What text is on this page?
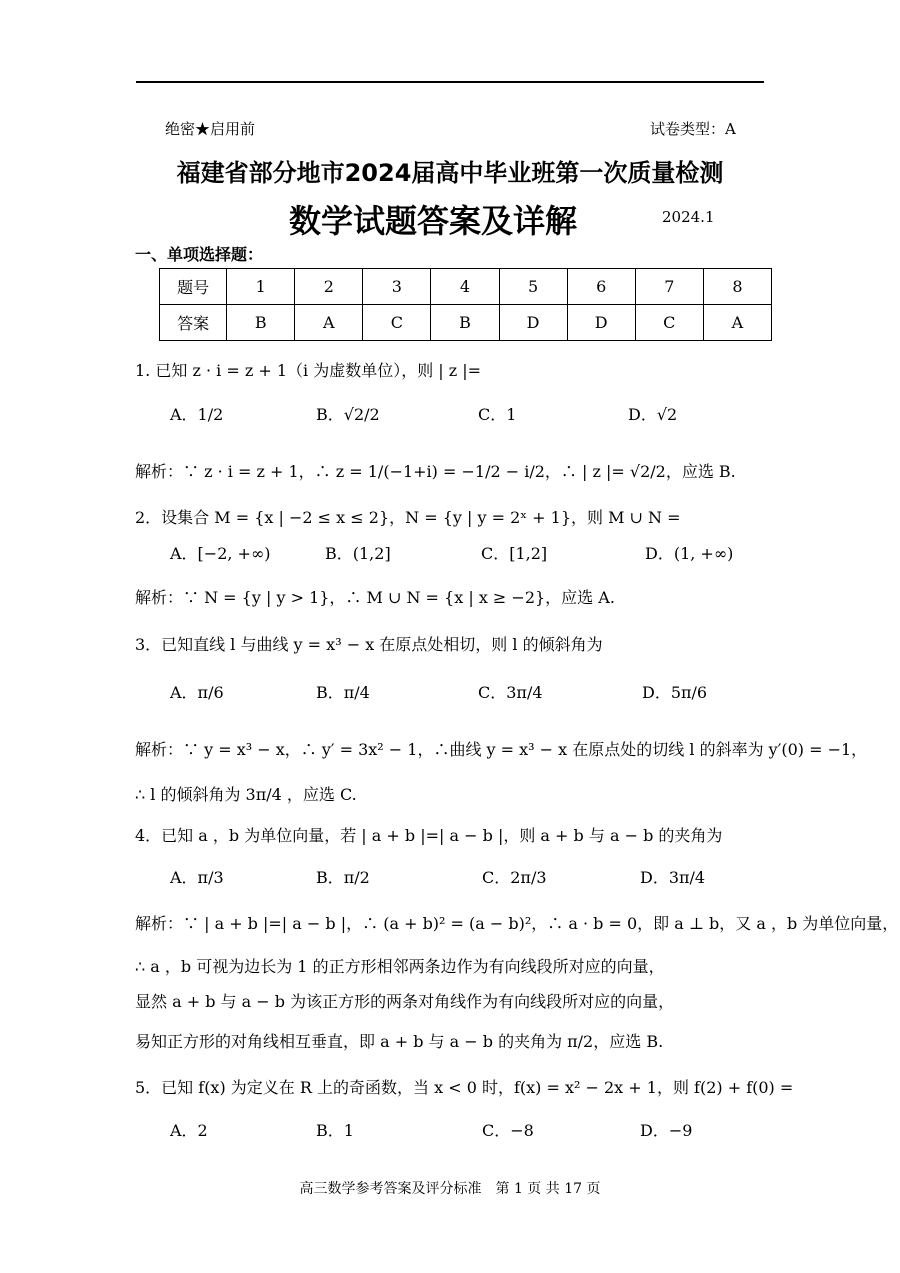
绝密★启用前	试卷类型：A
福建省部分地市2024届高中毕业班第一次质量检测
数学试题答案及详解	2024.1
一、单项选择题：
题号	1	2	3	4	5	6	7	8
答案	B	A	C	B	D	D	C	A
1. 已知 z · i = z + 1（i 为虚数单位），则 | z |=
A．1/2	B．√2/2	C．1	D．√2
解析：∵ z · i = z + 1，∴ z = 1/(−1+i) = −1/2 − i/2，∴ | z |= √2/2，应选 B.
2．设集合 M = {x | −2 ≤ x ≤ 2}，N = {y | y = 2ˣ + 1}，则 M ∪ N =
A．[−2, +∞)	B．(1,2]	C．[1,2]	D．(1, +∞)
解析：∵ N = {y | y > 1}，∴ M ∪ N = {x | x ≥ −2}，应选 A.
3．已知直线 l 与曲线 y = x³ − x 在原点处相切，则 l 的倾斜角为
A．π/6	B．π/4	C．3π/4	D．5π/6
解析：∵ y = x³ − x，∴ y′ = 3x² − 1，∴曲线 y = x³ − x 在原点处的切线 l 的斜率为 y′(0) = −1，
∴ l 的倾斜角为 3π/4 ，应选 C.
4．已知 a ，b 为单位向量，若 | a + b |=| a − b |，则 a + b 与 a − b 的夹角为
A．π/3	B．π/2	C．2π/3	D．3π/4
解析：∵ | a + b |=| a − b |，∴ (a + b)² = (a − b)²，∴ a · b = 0，即 a ⊥ b，又 a ，b 为单位向量，
∴ a ，b 可视为边长为 1 的正方形相邻两条边作为有向线段所对应的向量，
显然 a + b 与 a − b 为该正方形的两条对角线作为有向线段所对应的向量，
易知正方形的对角线相互垂直，即 a + b 与 a − b 的夹角为 π/2，应选 B.
5．已知 f(x) 为定义在 R 上的奇函数，当 x < 0 时，f(x) = x² − 2x + 1，则 f(2) + f(0) =
A．2	B．1	C．−8	D．−9
高三数学参考答案及评分标准　第 1 页 共 17 页
